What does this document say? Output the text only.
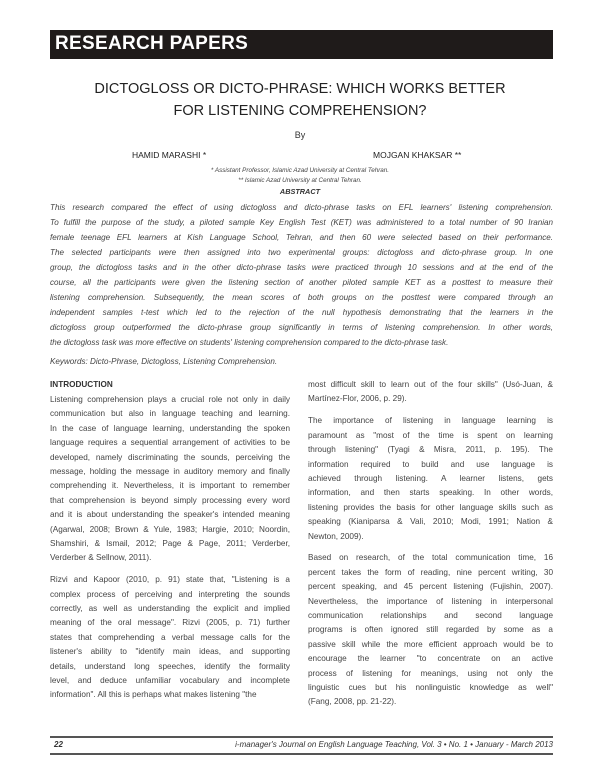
RESEARCH PAPERS
DICTOGLOSS OR DICTO-PHRASE: WHICH WORKS BETTER
FOR LISTENING COMPREHENSION?
By
HAMID MARASHI *	MOJGAN KHAKSAR **
* Assistant Professor, Islamic Azad University at Central Tehran.
** Islamic Azad University at Central Tehran.
ABSTRACT
This research compared the effect of using dictogloss and dicto-phrase tasks on EFL learners' listening comprehension.
To fulfill the purpose of the study, a piloted sample Key English Test (KET) was administered to a total number of 90 Iranian
female teenage EFL learners at Kish Language School, Tehran, and then 60 were selected based on their performance.
The selected participants were then assigned into two experimental groups: dictogloss and dicto-phrase group. In one
group, the dictogloss tasks and in the other dicto-phrase tasks were practiced through 10 sessions and at the end of the
course, all the participants were given the listening section of another piloted sample KET as a posttest to measure their
listening comprehension. Subsequently, the mean scores of both groups on the posttest were compared through an
independent samples t-test which led to the rejection of the null hypothesis demonstrating that the learners in the
dictogloss group outperformed the dicto-phrase group significantly in terms of listening comprehension. In other words,
the dictogloss task was more effective on students' listening comprehension compared to the dicto-phrase task.
Keywords: Dicto-Phrase, Dictogloss, Listening Comprehension.
INTRODUCTION
Listening comprehension plays a crucial role not only in daily
communication but also in language teaching and learning.
In the case of language learning, understanding the spoken
language requires a sequential arrangement of activities to be
developed, namely discriminating the sounds, perceiving the
message, holding the message in auditory memory and finally
comprehending it. Nevertheless, it is important to remember
that comprehension is beyond simply processing every word
and it is about understanding the speaker's intended meaning
(Agarwal, 2008; Brown & Yule, 1983; Hargie, 2010; Noordin,
Shamshiri, & Ismail, 2012; Page & Page, 2011; Verderber,
Verderber & Sellnow, 2011).
Rizvi and Kapoor (2010, p. 91) state that, "Listening is a
complex process of perceiving and interpreting the sounds
correctly, as well as understanding the explicit and implied
meaning of the oral message". Rizvi (2005, p. 71) further
states that comprehending a verbal message calls for the
listener's ability to "identify main ideas, and supporting
details, understand long speeches, identify the formality
level, and deduce unfamiliar vocabulary and incomplete
information". All this is perhaps what makes listening "the
most difficult skill to learn out of the four skills" (Usó-Juan, &
Martínez-Flor, 2006, p. 29).
The importance of listening in language learning is
paramount as "most of the time is spent on learning
through listening" (Tyagi & Misra, 2011, p. 195). The
information required to build and use language is
achieved through listening. A learner listens, gets
information, and then starts speaking. In other words,
listening provides the basis for other language skills such as
speaking (Kianiparsa & Vali, 2010; Modi, 1991; Nation &
Newton, 2009).
Based on research, of the total communication time, 16
percent takes the form of reading, nine percent writing, 30
percent speaking, and 45 percent listening (Fujishin, 2007).
Nevertheless, the importance of listening in interpersonal
communication relationships and second language
programs is often ignored still regarded by some as a
passive skill while the more efficient approach would be to
encourage the learner "to concentrate on an active
process of listening for meanings, using not only the
linguistic cues but his nonlinguistic knowledge as well"
(Fang, 2008, pp. 21-22).
22	i-manager's Journal on English Language Teaching, Vol. 3 • No. 1 • January - March 2013
